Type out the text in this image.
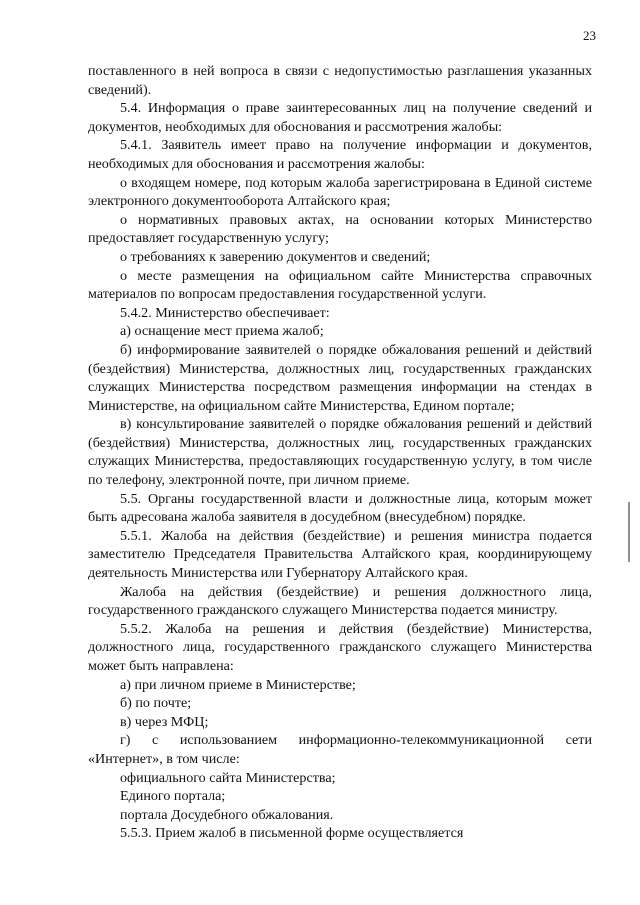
23

поставленного в ней вопроса в связи с недопустимостью разглашения указанных сведений).

5.4. Информация о праве заинтересованных лиц на получение сведений и документов, необходимых для обоснования и рассмотрения жалобы:

5.4.1. Заявитель имеет право на получение информации и документов, необходимых для обоснования и рассмотрения жалобы:

о входящем номере, под которым жалоба зарегистрирована в Единой системе электронного документооборота Алтайского края;

о нормативных правовых актах, на основании которых Министерство предоставляет государственную услугу;

о требованиях к заверению документов и сведений;

о месте размещения на официальном сайте Министерства справочных материалов по вопросам предоставления государственной услуги.

5.4.2. Министерство обеспечивает:

а) оснащение мест приема жалоб;

б) информирование заявителей о порядке обжалования решений и действий (бездействия) Министерства, должностных лиц, государственных гражданских служащих Министерства посредством размещения информации на стендах в Министерстве, на официальном сайте Министерства, Едином портале;

в) консультирование заявителей о порядке обжалования решений и действий (бездействия) Министерства, должностных лиц, государственных гражданских служащих Министерства, предоставляющих государственную услугу, в том числе по телефону, электронной почте, при личном приеме.

5.5. Органы государственной власти и должностные лица, которым может быть адресована жалоба заявителя в досудебном (внесудебном) порядке.

5.5.1. Жалоба на действия (бездействие) и решения министра подается заместителю Председателя Правительства Алтайского края, координирующему деятельность Министерства или Губернатору Алтайского края.

Жалоба на действия (бездействие) и решения должностного лица, государственного гражданского служащего Министерства подается министру.

5.5.2. Жалоба на решения и действия (бездействие) Министерства, должностного лица, государственного гражданского служащего Министерства может быть направлена:

а) при личном приеме в Министерстве;

б) по почте;

в) через МФЦ;

г) с использованием информационно-телекоммуникационной сети «Интернет», в том числе:

официального сайта Министерства;

Единого портала;

портала Досудебного обжалования.

5.5.3. Прием жалоб в письменной форме осуществляется
